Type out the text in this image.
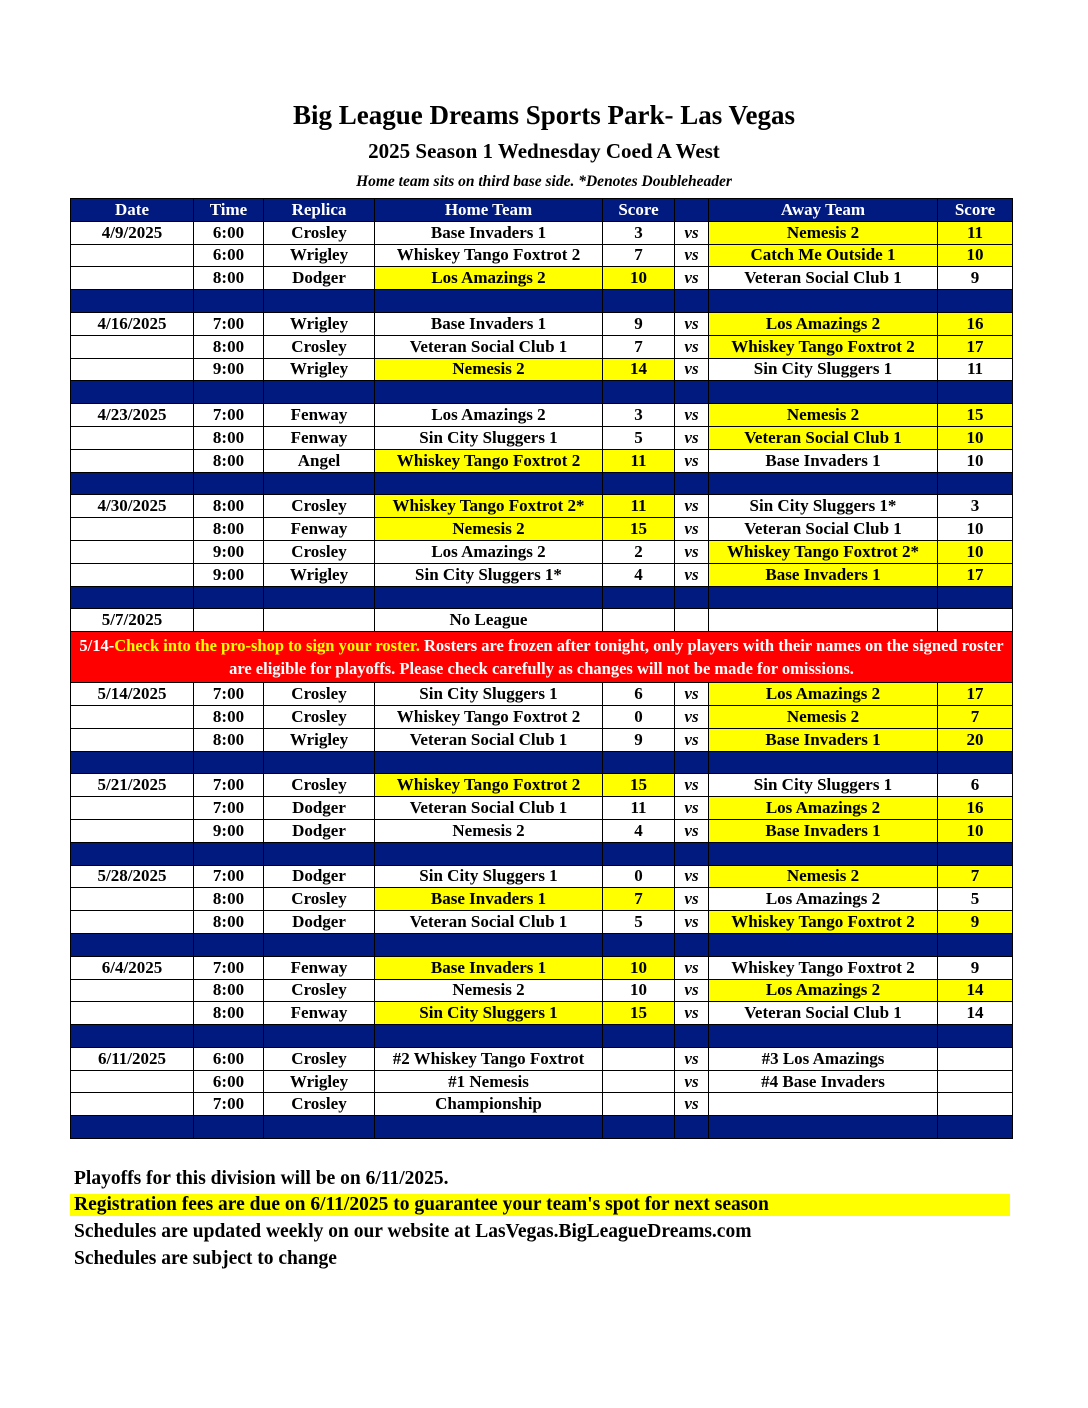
Big League Dreams Sports Park- Las Vegas
2025 Season 1 Wednesday Coed A West
Home team sits on third base side. *Denotes Doubleheader
Date	Time	Replica	Home Team	Score		Away Team	Score
4/9/2025	6:00	Crosley	Base Invaders 1	3	vs	Nemesis 2	11
	6:00	Wrigley	Whiskey Tango Foxtrot 2	7	vs	Catch Me Outside 1	10
	8:00	Dodger	Los Amazings 2	10	vs	Veteran Social Club 1	9

4/16/2025	7:00	Wrigley	Base Invaders 1	9	vs	Los Amazings 2	16
	8:00	Crosley	Veteran Social Club 1	7	vs	Whiskey Tango Foxtrot 2	17
	9:00	Wrigley	Nemesis 2	14	vs	Sin City Sluggers 1	11

4/23/2025	7:00	Fenway	Los Amazings 2	3	vs	Nemesis 2	15
	8:00	Fenway	Sin City Sluggers 1	5	vs	Veteran Social Club 1	10
	8:00	Angel	Whiskey Tango Foxtrot 2	11	vs	Base Invaders 1	10

4/30/2025	8:00	Crosley	Whiskey Tango Foxtrot 2*	11	vs	Sin City Sluggers 1*	3
	8:00	Fenway	Nemesis 2	15	vs	Veteran Social Club 1	10
	9:00	Crosley	Los Amazings 2	2	vs	Whiskey Tango Foxtrot 2*	10
	9:00	Wrigley	Sin City Sluggers 1*	4	vs	Base Invaders 1	17

5/7/2025			No League				
5/14-Check into the pro-shop to sign your roster. Rosters are frozen after tonight, only players with their names on the signed roster are eligible for playoffs. Please check carefully as changes will not be made for omissions.							
5/14/2025	7:00	Crosley	Sin City Sluggers 1	6	vs	Los Amazings 2	17
	8:00	Crosley	Whiskey Tango Foxtrot 2	0	vs	Nemesis 2	7
	8:00	Wrigley	Veteran Social Club 1	9	vs	Base Invaders 1	20

5/21/2025	7:00	Crosley	Whiskey Tango Foxtrot 2	15	vs	Sin City Sluggers 1	6
	7:00	Dodger	Veteran Social Club 1	11	vs	Los Amazings 2	16
	9:00	Dodger	Nemesis 2	4	vs	Base Invaders 1	10

5/28/2025	7:00	Dodger	Sin City Sluggers 1	0	vs	Nemesis 2	7
	8:00	Crosley	Base Invaders 1	7	vs	Los Amazings 2	5
	8:00	Dodger	Veteran Social Club 1	5	vs	Whiskey Tango Foxtrot 2	9

6/4/2025	7:00	Fenway	Base Invaders 1	10	vs	Whiskey Tango Foxtrot 2	9
	8:00	Crosley	Nemesis 2	10	vs	Los Amazings 2	14
	8:00	Fenway	Sin City Sluggers 1	15	vs	Veteran Social Club 1	14

6/11/2025	6:00	Crosley	#2 Whiskey Tango Foxtrot		vs	#3 Los Amazings	
	6:00	Wrigley	#1 Nemesis		vs	#4 Base Invaders	
	7:00	Crosley	Championship		vs		

Playoffs for this division will be on 6/11/2025.
Registration fees are due on 6/11/2025 to guarantee your team's spot for next season
Schedules are updated weekly on our website at LasVegas.BigLeagueDreams.com
Schedules are subject to change
